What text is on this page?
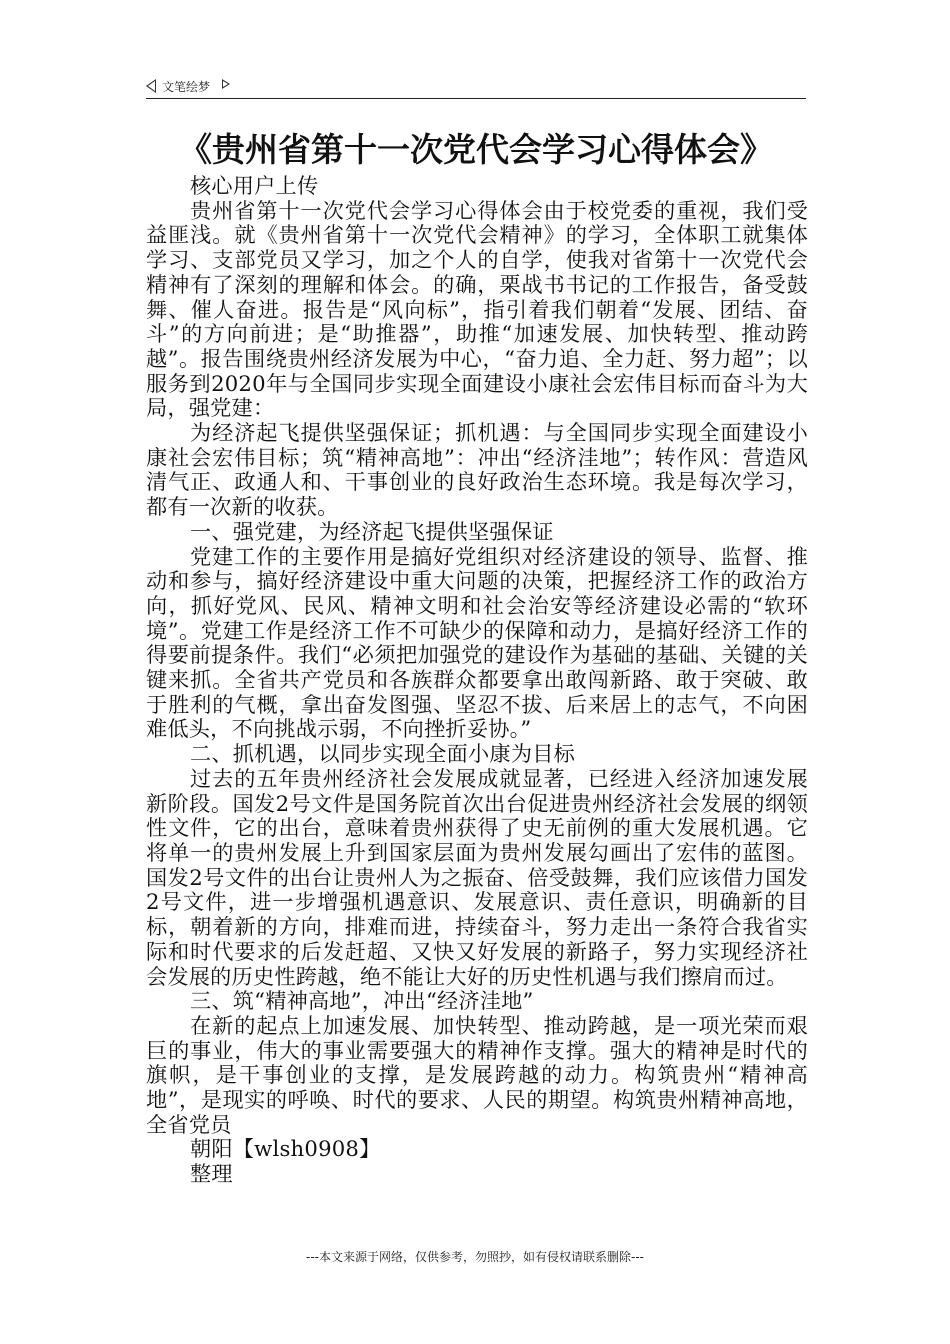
文笔绘梦
《贵州省第十一次党代会学习心得体会》

核心用户上传

贵州省第十一次党代会学习心得体会由于校党委的重视，我们受益匪浅。就《贵州省第十一次党代会精神》的学习，全体职工就集体学习、支部党员又学习，加之个人的自学，使我对省第十一次党代会精神有了深刻的理解和体会。的确，栗战书书记的工作报告，备受鼓舞、催人奋进。报告是“风向标”，指引着我们朝着“发展、团结、奋斗”的方向前进；是“助推器”，助推“加速发展、加快转型、推动跨越”。报告围绕贵州经济发展为中心，“奋力追、全力赶、努力超”；以服务到2020年与全国同步实现全面建设小康社会宏伟目标而奋斗为大局，强党建：

为经济起飞提供坚强保证；抓机遇：与全国同步实现全面建设小康社会宏伟目标；筑“精神高地”：冲出“经济洼地”；转作风：营造风清气正、政通人和、干事创业的良好政治生态环境。我是每次学习，都有一次新的收获。

一、强党建，为经济起飞提供坚强保证

党建工作的主要作用是搞好党组织对经济建设的领导、监督、推动和参与，搞好经济建设中重大问题的决策，把握经济工作的政治方向，抓好党风、民风、精神文明和社会治安等经济建设必需的“软环境”。党建工作是经济工作不可缺少的保障和动力，是搞好经济工作的得要前提条件。我们“必须把加强党的建设作为基础的基础、关键的关键来抓。全省共产党员和各族群众都要拿出敢闯新路、敢于突破、敢于胜利的气概，拿出奋发图强、坚忍不拔、后来居上的志气，不向困难低头，不向挑战示弱，不向挫折妥协。”

二、抓机遇，以同步实现全面小康为目标

过去的五年贵州经济社会发展成就显著，已经进入经济加速发展新阶段。国发2号文件是国务院首次出台促进贵州经济社会发展的纲领性文件，它的出台，意味着贵州获得了史无前例的重大发展机遇。它将单一的贵州发展上升到国家层面为贵州发展勾画出了宏伟的蓝图。国发2号文件的出台让贵州人为之振奋、倍受鼓舞，我们应该借力国发2号文件，进一步增强机遇意识、发展意识、责任意识，明确新的目标，朝着新的方向，排难而进，持续奋斗，努力走出一条符合我省实际和时代要求的后发赶超、又快又好发展的新路子，努力实现经济社会发展的历史性跨越，绝不能让大好的历史性机遇与我们擦肩而过。

三、筑“精神高地”，冲出“经济洼地”

在新的起点上加速发展、加快转型、推动跨越，是一项光荣而艰巨的事业，伟大的事业需要强大的精神作支撑。强大的精神是时代的旗帜，是干事创业的支撑，是发展跨越的动力。构筑贵州“精神高地”，是现实的呼唤、时代的要求、人民的期望。构筑贵州精神高地，全省党员

朝阳【wlsh0908】

整理

---本文来源于网络，仅供参考，勿照抄，如有侵权请联系删除---
